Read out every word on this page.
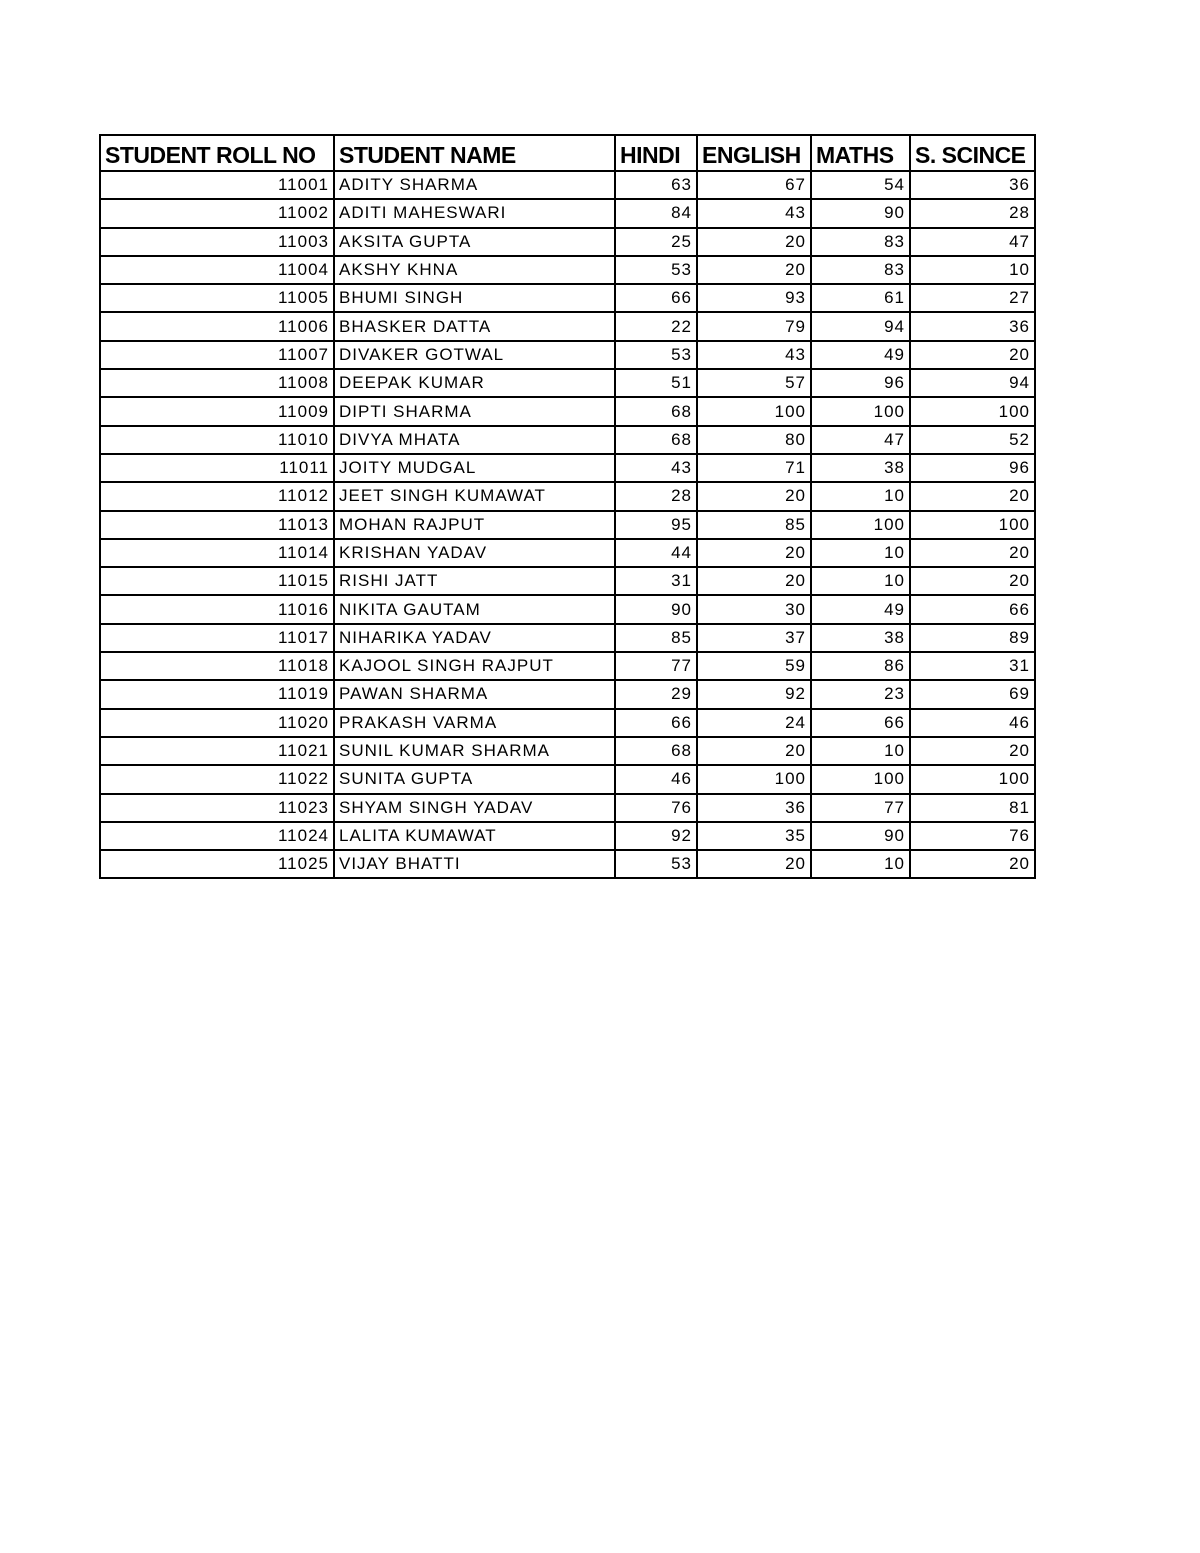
STUDENT ROLL NO	STUDENT NAME	HINDI	ENGLISH	MATHS	S. SCINCE
11001	ADITY SHARMA	63	67	54	36
11002	ADITI MAHESWARI	84	43	90	28
11003	AKSITA GUPTA	25	20	83	47
11004	AKSHY KHNA	53	20	83	10
11005	BHUMI SINGH	66	93	61	27
11006	BHASKER DATTA	22	79	94	36
11007	DIVAKER GOTWAL	53	43	49	20
11008	DEEPAK KUMAR	51	57	96	94
11009	DIPTI SHARMA	68	100	100	100
11010	DIVYA MHATA	68	80	47	52
11011	JOITY MUDGAL	43	71	38	96
11012	JEET SINGH KUMAWAT	28	20	10	20
11013	MOHAN RAJPUT	95	85	100	100
11014	KRISHAN YADAV	44	20	10	20
11015	RISHI JATT	31	20	10	20
11016	NIKITA GAUTAM	90	30	49	66
11017	NIHARIKA YADAV	85	37	38	89
11018	KAJOOL SINGH RAJPUT	77	59	86	31
11019	PAWAN SHARMA	29	92	23	69
11020	PRAKASH VARMA	66	24	66	46
11021	SUNIL KUMAR SHARMA	68	20	10	20
11022	SUNITA GUPTA	46	100	100	100
11023	SHYAM SINGH YADAV	76	36	77	81
11024	LALITA KUMAWAT	92	35	90	76
11025	VIJAY BHATTI	53	20	10	20
